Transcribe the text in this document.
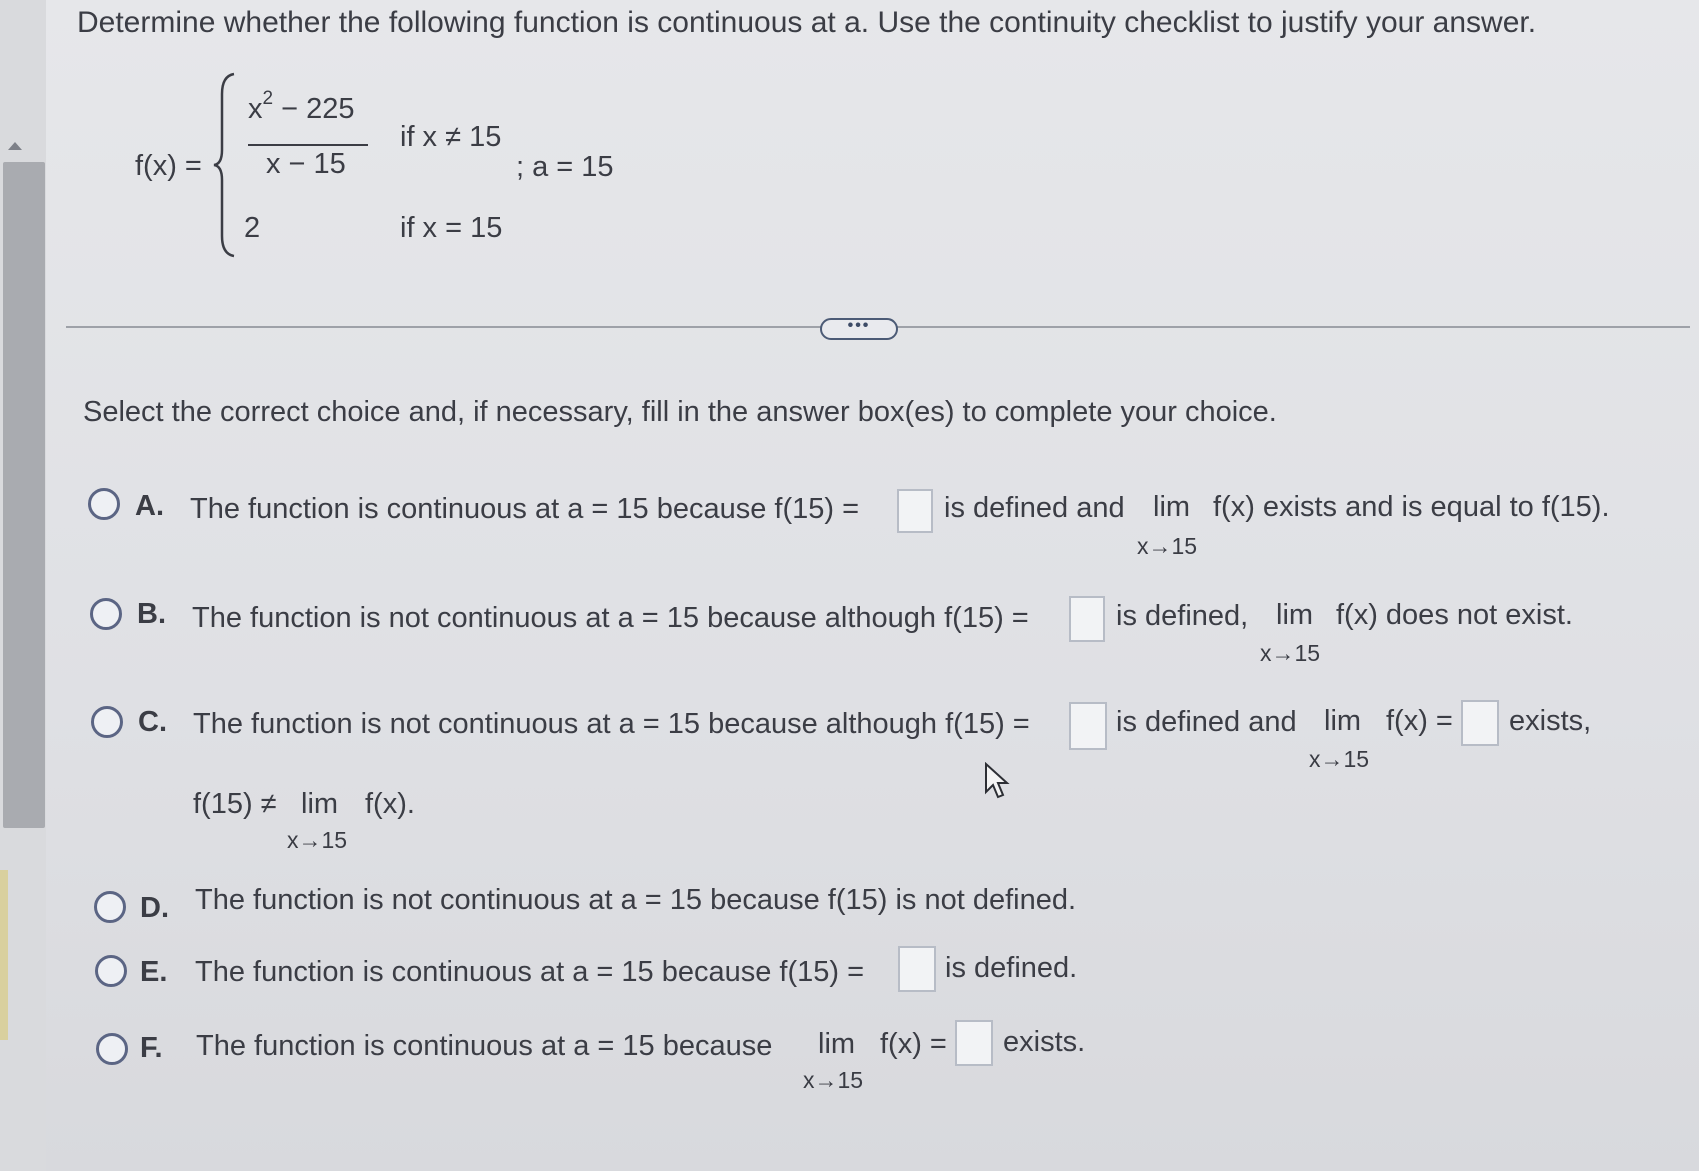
Determine whether the following function is continuous at a. Use the continuity checklist to justify your answer.
f(x) =
$x^2 - 225$
x − 15
if x ≠ 15
2	if x = 15
; a = 15
•••
Select the correct choice and, if necessary, fill in the answer box(es) to complete your choice.
A. The function is continuous at a = 15 because f(15) =	is defined and lim
x→15
f(x) exists and is equal to f(15).
B. The function is not continuous at a = 15 because although f(15) =	is defined, lim
x→15
f(x) does not exist.
C. The function is not continuous at a = 15 because although f(15) =	is defined and lim
x→15
f(x) = exists,
f(15) ≠ lim
x→15
f(x).
D. The function is not continuous at a = 15 because f(15) is not defined.
E. The function is continuous at a = 15 because f(15) =	is defined.
F. The function is continuous at a = 15 because lim
x→15
f(x) = exists.
